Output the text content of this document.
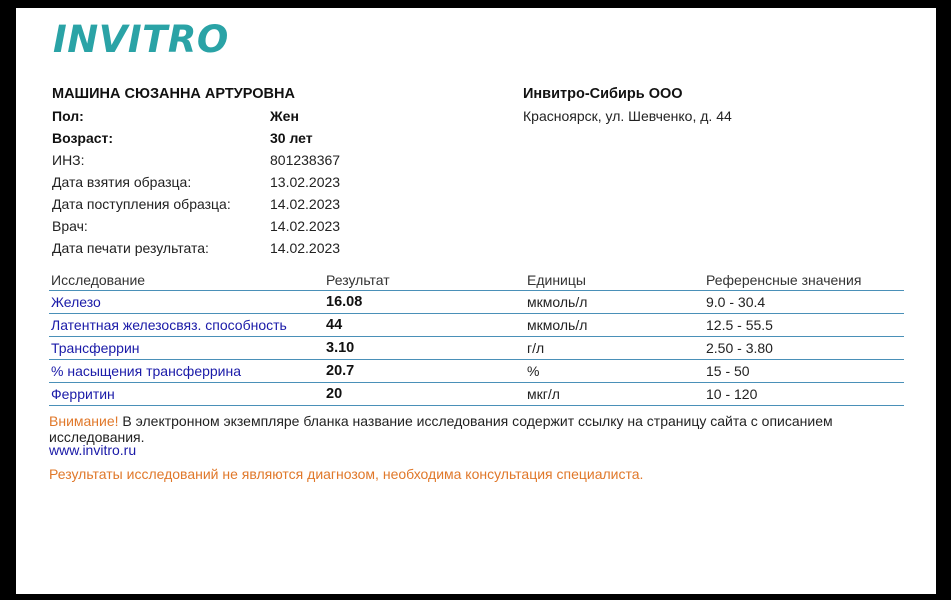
INVITRO
МАШИНА СЮЗАННА АРТУРОВНА
Пол:	Жен
Возраст:	30 лет
ИНЗ:	801238367
Дата взятия образца:	13.02.2023
Дата поступления образца:	14.02.2023
Врач:	14.02.2023
Дата печати результата:	14.02.2023
Инвитро-Сибирь ООО
Красноярск, ул. Шевченко, д. 44
Исследование	Результат	Единицы	Референсные значения
Железо	16.08	мкмоль/л	9.0 - 30.4
Латентная железосвяз. способность	44	мкмоль/л	12.5 - 55.5
Трансферрин	3.10	г/л	2.50 - 3.80
% насыщения трансферрина	20.7	%	15 - 50
Ферритин	20	мкг/л	10 - 120
Внимание! В электронном экземпляре бланка название исследования содержит ссылку на страницу сайта с описанием исследования.
www.invitro.ru
Результаты исследований не являются диагнозом, необходима консультация специалиста.
